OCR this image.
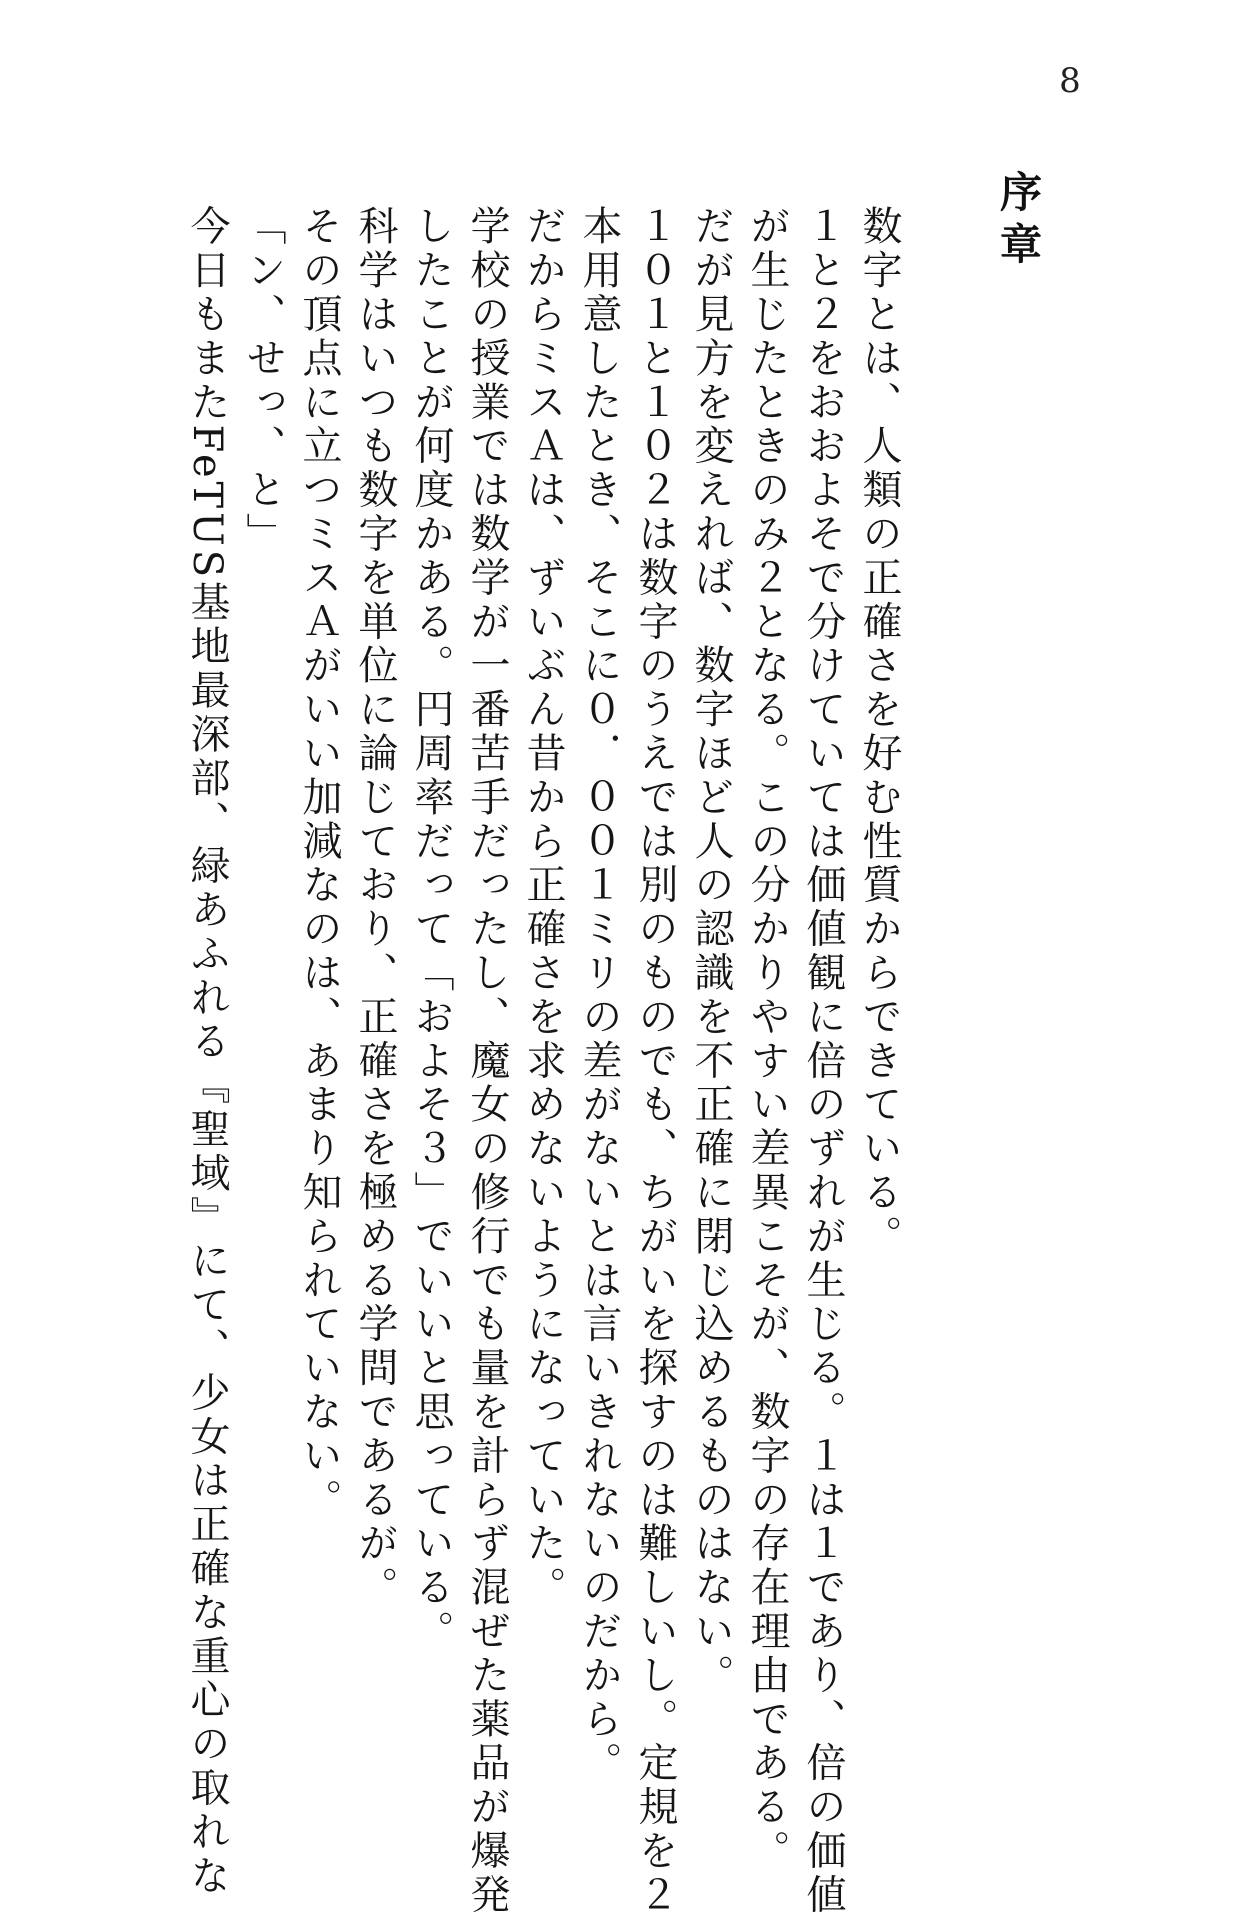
8
序章
数字とは、人類の正確さを好む性質からできている。
１と２をおおよそで分けていては価値観に倍のずれが生じる。１は１であり、倍の価値
が生じたときのみ２となる。この分かりやすい差異こそが、数字の存在理由である。
だが見方を変えれば、数字ほど人の認識を不正確に閉じ込めるものはない。
１０１と１０２は数字のうえでは別のものでも、ちがいを探すのは難しいし。定規を２
本用意したとき、そこに０．００１ミリの差がないとは言いきれないのだから。
だからミスＡは、ずいぶん昔から正確さを求めないようになっていた。
学校の授業では数学が一番苦手だったし、魔女の修行でも量を計らず混ぜた薬品が爆発
したことが何度かある。円周率だって「およそ３」でいいと思っている。
科学はいつも数字を単位に論じており、正確さを極める学問であるが。
その頂点に立つミスＡがいい加減なのは、あまり知られていない。
「ン、せっ、と」
今日もまたFeTUS基地最深部、緑あふれる『聖域』にて、少女は正確な重心の取れな
